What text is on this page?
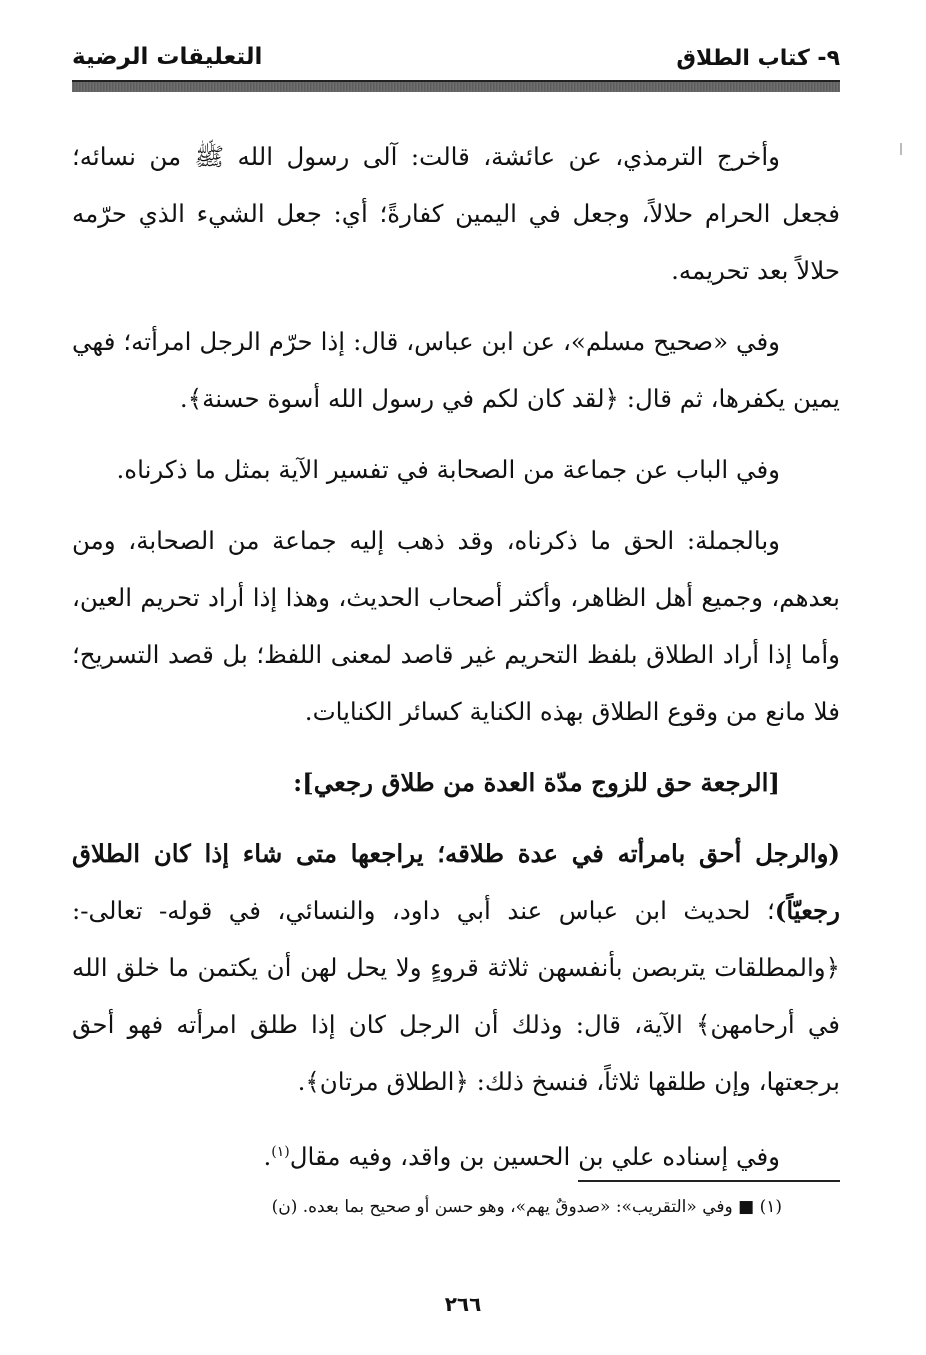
٩- كتاب الطلاق
التعليقات الرضية

وأخرج الترمذي، عن عائشة، قالت: آلى رسول الله ﷺ من نسائه؛ فجعل الحرام حلالاً، وجعل في اليمين كفارةً؛ أي: جعل الشيء الذي حرّمه حلالاً بعد تحريمه.

وفي «صحيح مسلم»، عن ابن عباس، قال: إذا حرّم الرجل امرأته؛ فهي يمين يكفرها، ثم قال: ﴿لقد كان لكم في رسول الله أسوة حسنة﴾.

وفي الباب عن جماعة من الصحابة في تفسير الآية بمثل ما ذكرناه.

وبالجملة: الحق ما ذكرناه، وقد ذهب إليه جماعة من الصحابة، ومن بعدهم، وجميع أهل الظاهر، وأكثر أصحاب الحديث، وهذا إذا أراد تحريم العين، وأما إذا أراد الطلاق بلفظ التحريم غير قاصد لمعنى اللفظ؛ بل قصد التسريح؛ فلا مانع من وقوع الطلاق بهذه الكناية كسائر الكنايات.

[الرجعة حق للزوج مدّة العدة من طلاق رجعي]:

(والرجل أحق بامرأته في عدة طلاقه؛ يراجعها متى شاء إذا كان الطلاق رجعيّاً)؛ لحديث ابن عباس عند أبي داود، والنسائي، في قوله- تعالى-: ﴿والمطلقات يتربصن بأنفسهن ثلاثة قروءٍ ولا يحل لهن أن يكتمن ما خلق الله في أرحامهن﴾ الآية، قال: وذلك أن الرجل كان إذا طلق امرأته فهو أحق برجعتها، وإن طلقها ثلاثاً، فنسخ ذلك: ﴿الطلاق مرتان﴾.

وفي إسناده علي بن الحسين بن واقد، وفيه مقال$^{(١)}$.

(١) ■ وفي «التقريب»: «صدوقٌ يهم»، وهو حسن أو صحيح بما بعده. (ن)
٢٦٦
